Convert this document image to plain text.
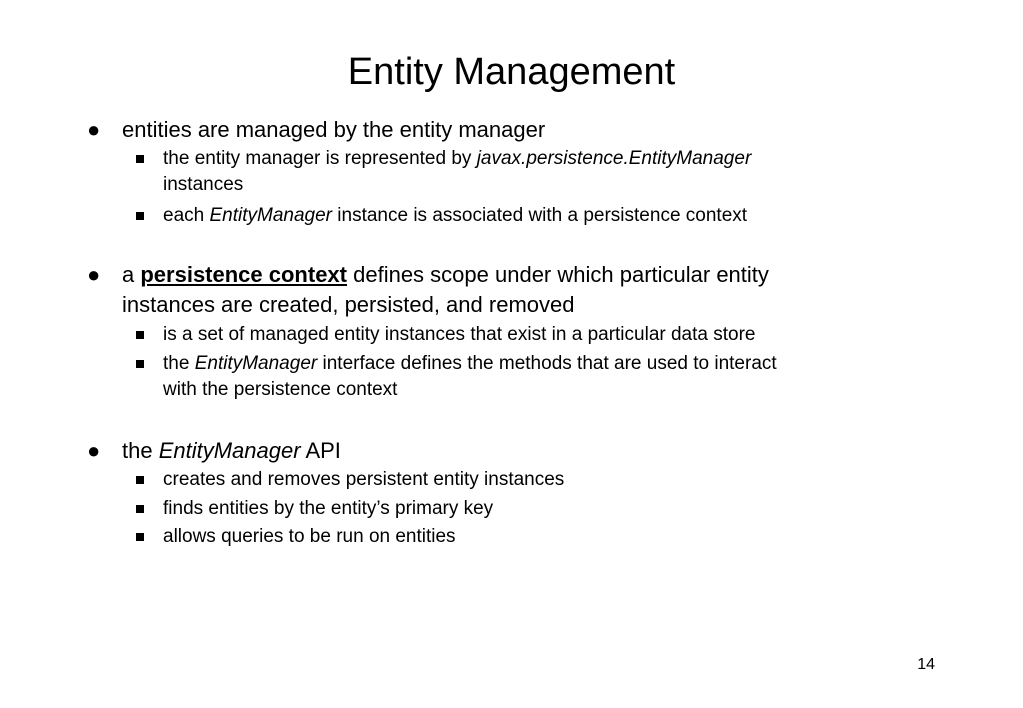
Entity Management

● entities are managed by the entity manager

the entity manager is represented by javax.persistence.EntityManager
instances

each EntityManager instance is associated with a persistence context

● a persistence context defines scope under which particular entity
instances are created, persisted, and removed

is a set of managed entity instances that exist in a particular data store

the EntityManager interface defines the methods that are used to interact
with the persistence context

● the EntityManager API

creates and removes persistent entity instances

finds entities by the entity’s primary key

allows queries to be run on entities

14
